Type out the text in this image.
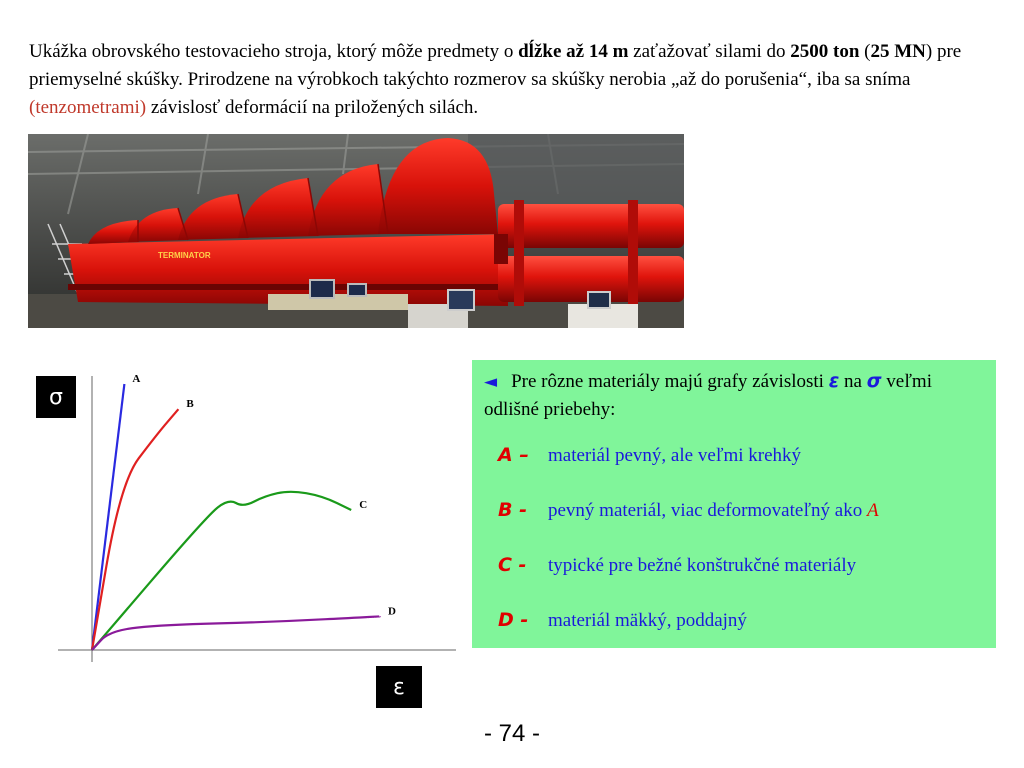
Ukážka obrovského testovacieho stroja, ktorý môže predmety o dĺžke až 14 m zaťažovať silami do 2500 ton (25 MN) pre priemyselné skúšky. Prirodzene na výrobkoch takýchto rozmerov sa skúšky nerobia „až do porušenia“, iba sa sníma (tenzometrami) závislosť deformácií na priložených silách.
TERMINATOR
A
B
C
D
σ
ε
◄ Pre rôzne materiály majú grafy závislosti ε na σ veľmi odlišné priebehy:
A – materiál pevný, ale veľmi krehký
B - pevný materiál, viac deformovateľný ako A
C - typické pre bežné konštrukčné materiály
D - materiál mäkký, poddajný
- 74 -
